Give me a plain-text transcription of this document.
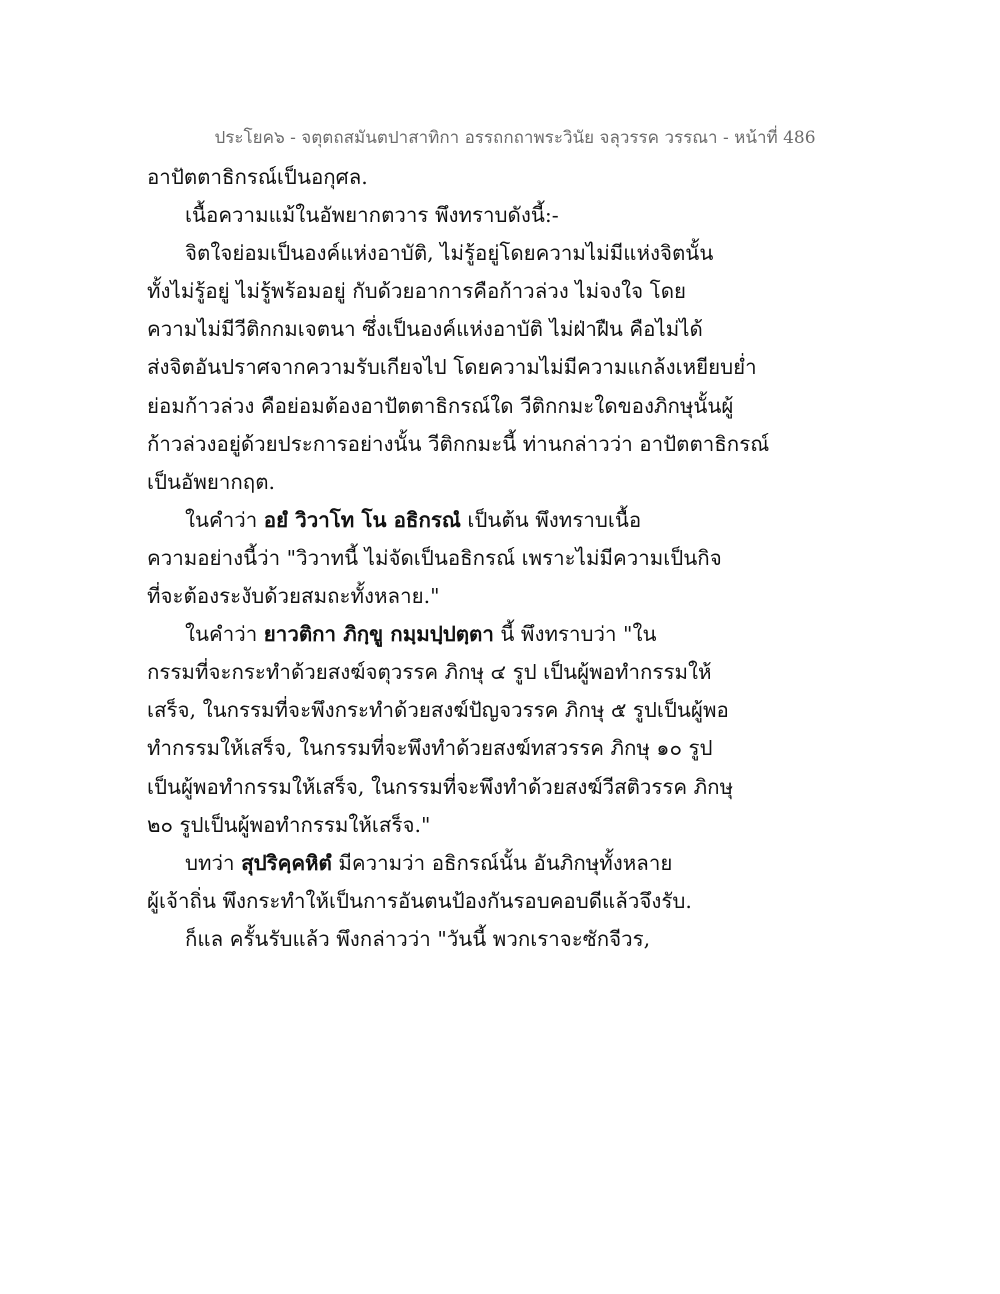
ประโยค๖ - จตุตถสมันตปาสาทิกา อรรถกถาพระวินัย จลุวรรค วรรณา - หน้าที่ 486
อาปัตตาธิกรณ์เป็นอกุศล.
เนื้อความแม้ในอัพยากตวาร พึงทราบดังนี้:-
จิตใจย่อมเป็นองค์แห่งอาบัติ, ไม่รู้อยู่โดยความไม่มีแห่งจิตนั้น
ทั้งไม่รู้อยู่ ไม่รู้พร้อมอยู่ กับด้วยอาการคือก้าวล่วง ไม่จงใจ โดย
ความไม่มีวีติกกมเจตนา ซึ่งเป็นองค์แห่งอาบัติ ไม่ฝ่าฝืน คือไม่ได้
ส่งจิตอันปราศจากความรับเกียจไป โดยความไม่มีความแกล้งเหยียบย่ำ
ย่อมก้าวล่วง คือย่อมต้องอาปัตตาธิกรณ์ใด วีติกกมะใดของภิกษุนั้นผู้
ก้าวล่วงอยู่ด้วยประการอย่างนั้น วีติกกมะนี้ ท่านกล่าวว่า อาปัตตาธิกรณ์
เป็นอัพยากฤต.
ในคำว่า อยํ วิวาโท โน อธิกรณํ เป็นต้น พึงทราบเนื้อ
ความอย่างนี้ว่า "วิวาทนี้ ไม่จัดเป็นอธิกรณ์ เพราะไม่มีความเป็นกิจ
ที่จะต้องระงับด้วยสมถะทั้งหลาย."
ในคำว่า ยาวติกา ภิกฺขู กมฺมปฺปตฺตา นี้ พึงทราบว่า "ใน
กรรมที่จะกระทำด้วยสงฆ์จตุวรรค ภิกษุ ๔ รูป เป็นผู้พอทำกรรมให้
เสร็จ, ในกรรมที่จะพึงกระทำด้วยสงฆ์ปัญจวรรค ภิกษุ ๕ รูปเป็นผู้พอ
ทำกรรมให้เสร็จ, ในกรรมที่จะพึงทำด้วยสงฆ์ทสวรรค ภิกษุ ๑๐ รูป
เป็นผู้พอทำกรรมให้เสร็จ, ในกรรมที่จะพึงทำด้วยสงฆ์วีสติวรรค ภิกษุ
๒๐ รูปเป็นผู้พอทำกรรมให้เสร็จ."
บทว่า สุปริคฺคหิตํ มีความว่า อธิกรณ์นั้น อันภิกษุทั้งหลาย
ผู้เจ้าถิ่น พึงกระทำให้เป็นการอันตนป้องกันรอบคอบดีแล้วจึงรับ.
ก็แล ครั้นรับแล้ว พึงกล่าวว่า "วันนี้ พวกเราจะซักจีวร,
